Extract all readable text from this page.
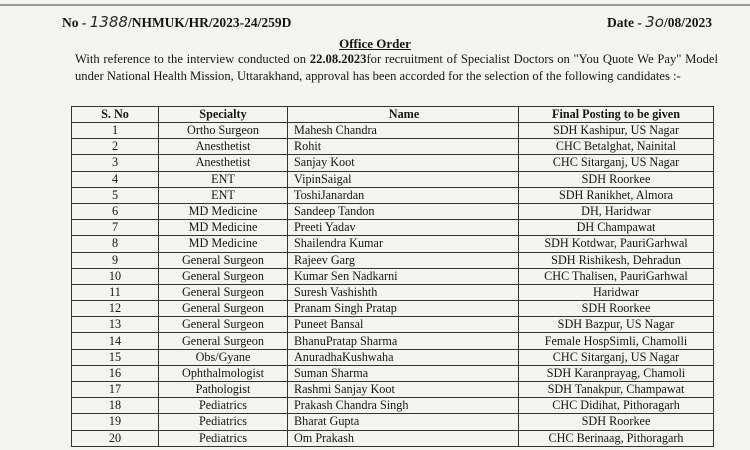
No - 1388/NHMUK/HR/2023-24/259D	Date - 3o/08/2023
Office Order

With reference to the interview conducted on 22.08.2023for recruitment of Specialist Doctors on "You Quote We Pay" Model under National Health Mission, Uttarakhand, approval has been accorded for the selection of the following candidates :-

S. No	Specialty	Name	Final Posting to be given
1	Ortho Surgeon	Mahesh Chandra	SDH Kashipur, US Nagar
2	Anesthetist	Rohit	CHC Betalghat, Nainital
3	Anesthetist	Sanjay Koot	CHC Sitarganj, US Nagar
4	ENT	VipinSaigal	SDH Roorkee
5	ENT	ToshiJanardan	SDH Ranikhet, Almora
6	MD Medicine	Sandeep Tandon	DH, Haridwar
7	MD Medicine	Preeti Yadav	DH Champawat
8	MD Medicine	Shailendra Kumar	SDH Kotdwar, PauriGarhwal
9	General Surgeon	Rajeev Garg	SDH Rishikesh, Dehradun
10	General Surgeon	Kumar Sen Nadkarni	CHC Thalisen, PauriGarhwal
11	General Surgeon	Suresh Vashishth	Haridwar
12	General Surgeon	Pranam Singh Pratap	SDH Roorkee
13	General Surgeon	Puneet Bansal	SDH Bazpur, US Nagar
14	General Surgeon	BhanuPratap Sharma	Female HospSimli, Chamolli
15	Obs/Gyane	AnuradhaKushwaha	CHC Sitarganj, US Nagar
16	Ophthalmologist	Suman Sharma	SDH Karanprayag, Chamoli
17	Pathologist	Rashmi Sanjay Koot	SDH Tanakpur, Champawat
18	Pediatrics	Prakash Chandra Singh	CHC Didihat, Pithoragarh
19	Pediatrics	Bharat Gupta	SDH Roorkee
20	Pediatrics	Om Prakash	CHC Berinaag, Pithoragarh
